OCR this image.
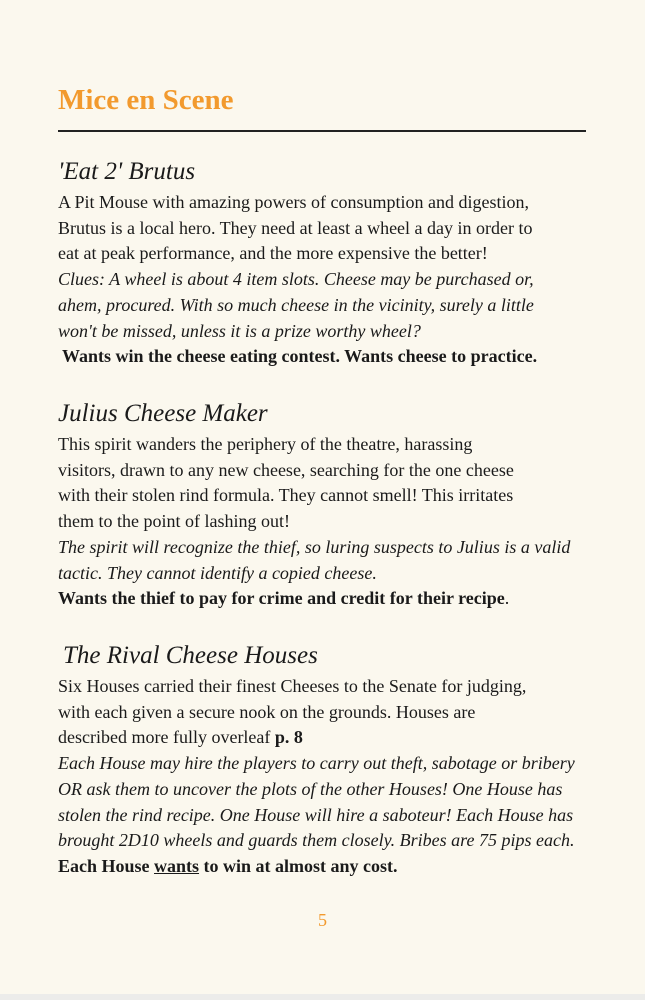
Mice en Scene
'Eat 2' Brutus
A Pit Mouse with amazing powers of consumption and digestion,
Brutus is a local hero. They need at least a wheel a day in order to
eat at peak performance, and the more expensive the better!
Clues: A wheel is about 4 item slots. Cheese may be purchased or,
ahem, procured. With so much cheese in the vicinity, surely a little
won't be missed, unless it is a prize worthy wheel?
Wants win the cheese eating contest. Wants cheese to practice.
Julius Cheese Maker
This spirit wanders the periphery of the theatre, harassing
visitors, drawn to any new cheese, searching for the one cheese
with their stolen rind formula. They cannot smell! This irritates
them to the point of lashing out!
The spirit will recognize the thief, so luring suspects to Julius is a valid
tactic. They cannot identify a copied cheese.
Wants the thief to pay for crime and credit for their recipe.
The Rival Cheese Houses
Six Houses carried their finest Cheeses to the Senate for judging,
with each given a secure nook on the grounds. Houses are
described more fully overleaf p. 8
Each House may hire the players to carry out theft, sabotage or bribery
OR ask them to uncover the plots of the other Houses! One House has
stolen the rind recipe. One House will hire a saboteur! Each House has
brought 2D10 wheels and guards them closely. Bribes are 75 pips each.
Each House wants to win at almost any cost.
5
